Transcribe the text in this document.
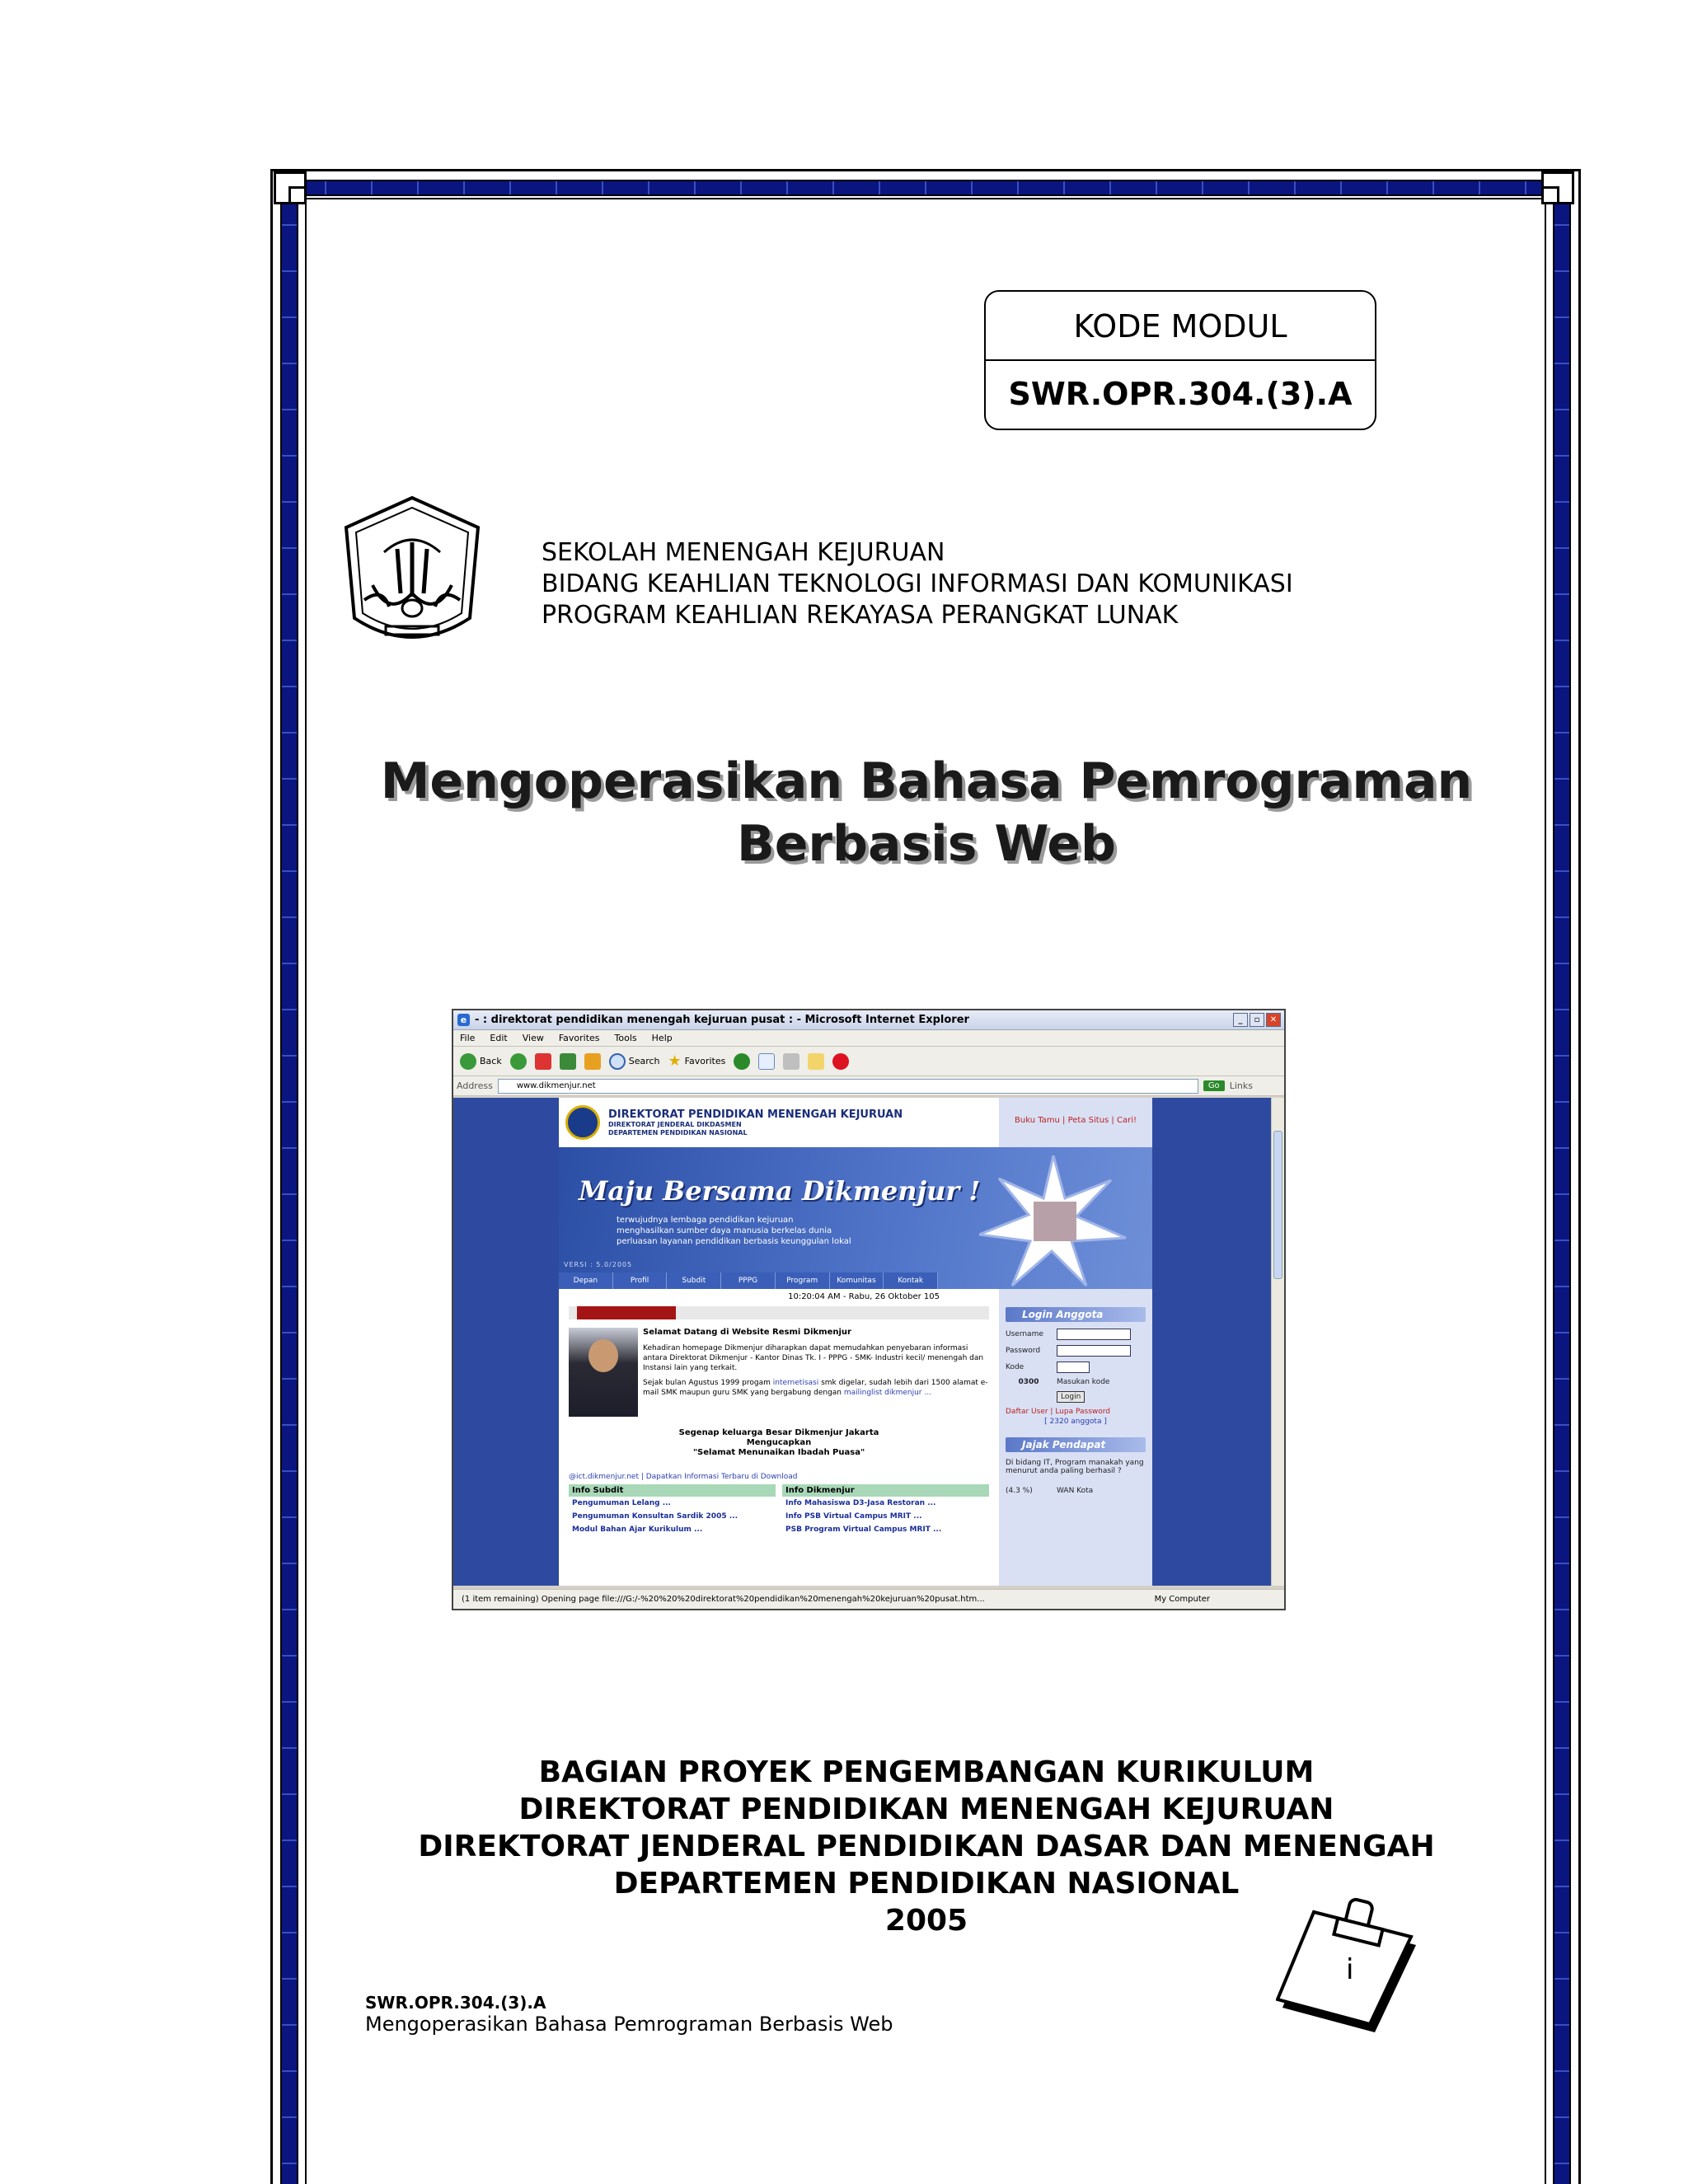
KODE MODUL
SWR.OPR.304.(3).A
SEKOLAH MENENGAH KEJURUAN
BIDANG KEAHLIAN TEKNOLOGI INFORMASI DAN KOMUNIKASI
PROGRAM KEAHLIAN REKAYASA PERANGKAT LUNAK
Mengoperasikan Bahasa Pemrograman
Berbasis Web
e - : direktorat pendidikan menengah kejuruan pusat : - Microsoft Internet Explorer	_	▫	✕
File Edit View Favorites Tools Help
Back	Search ★ Favorites
Address	www.dikmenjur.net	Go	Links
DIREKTORAT PENDIDIKAN MENENGAH KEJURUAN
DIREKTORAT JENDERAL DIKDASMEN
DEPARTEMEN PENDIDIKAN NASIONAL
Buku Tamu | Peta Situs | Cari!
Maju Bersama Dikmenjur !
terwujudnya lembaga pendidikan kejuruan
menghasilkan sumber daya manusia berkelas dunia
perluasan layanan pendidikan berbasis keunggulan lokal
VERSI : 5.0/2005
Depan	Profil	Subdit	PPPG	Program	Komunitas	Kontak
10:20:04 AM - Rabu, 26 Oktober 105
Selamat Datang di Website Resmi Dikmenjur

Kehadiran homepage Dikmenjur diharapkan dapat memudahkan penyebaran informasi antara Direktorat Dikmenjur - Kantor Dinas Tk. I - PPPG - SMK- Industri kecil/ menengah dan Instansi lain yang terkait.

Sejak bulan Agustus 1999 progam internetisasi smk digelar, sudah lebih dari 1500 alamat e-mail SMK maupun guru SMK yang bergabung dengan mailinglist dikmenjur ...

Segenap keluarga Besar Dikmenjur Jakarta
Mengucapkan
"Selamat Menunaikan Ibadah Puasa"
@ict.dikmenjur.net | Dapatkan Informasi Terbaru di Download
Info Subdit
Pengumuman Lelang ...
Pengumuman Konsultan Sardik 2005 ...
Modul Bahan Ajar Kurikulum ...
Info Dikmenjur
Info Mahasiswa D3-Jasa Restoran ...
Info PSB Virtual Campus MRIT ...
PSB Program Virtual Campus MRIT ...
Login Anggota
Username
Password
Kode
0300	Masukan kode
Login
Daftar User | Lupa Password
[ 2320 anggota ]
Jajak Pendapat
Di bidang IT, Program manakah yang menurut anda paling berhasil ?
(4.3 %)	WAN Kota
(1 item remaining) Opening page file:///G:/-%20%20%20direktorat%20pendidikan%20menengah%20kejuruan%20pusat.htm...	My Computer
BAGIAN PROYEK PENGEMBANGAN KURIKULUM
DIREKTORAT PENDIDIKAN MENENGAH KEJURUAN
DIREKTORAT JENDERAL PENDIDIKAN DASAR DAN MENENGAH
DEPARTEMEN PENDIDIKAN NASIONAL
2005
SWR.OPR.304.(3).A
Mengoperasikan Bahasa Pemrograman Berbasis Web
i
